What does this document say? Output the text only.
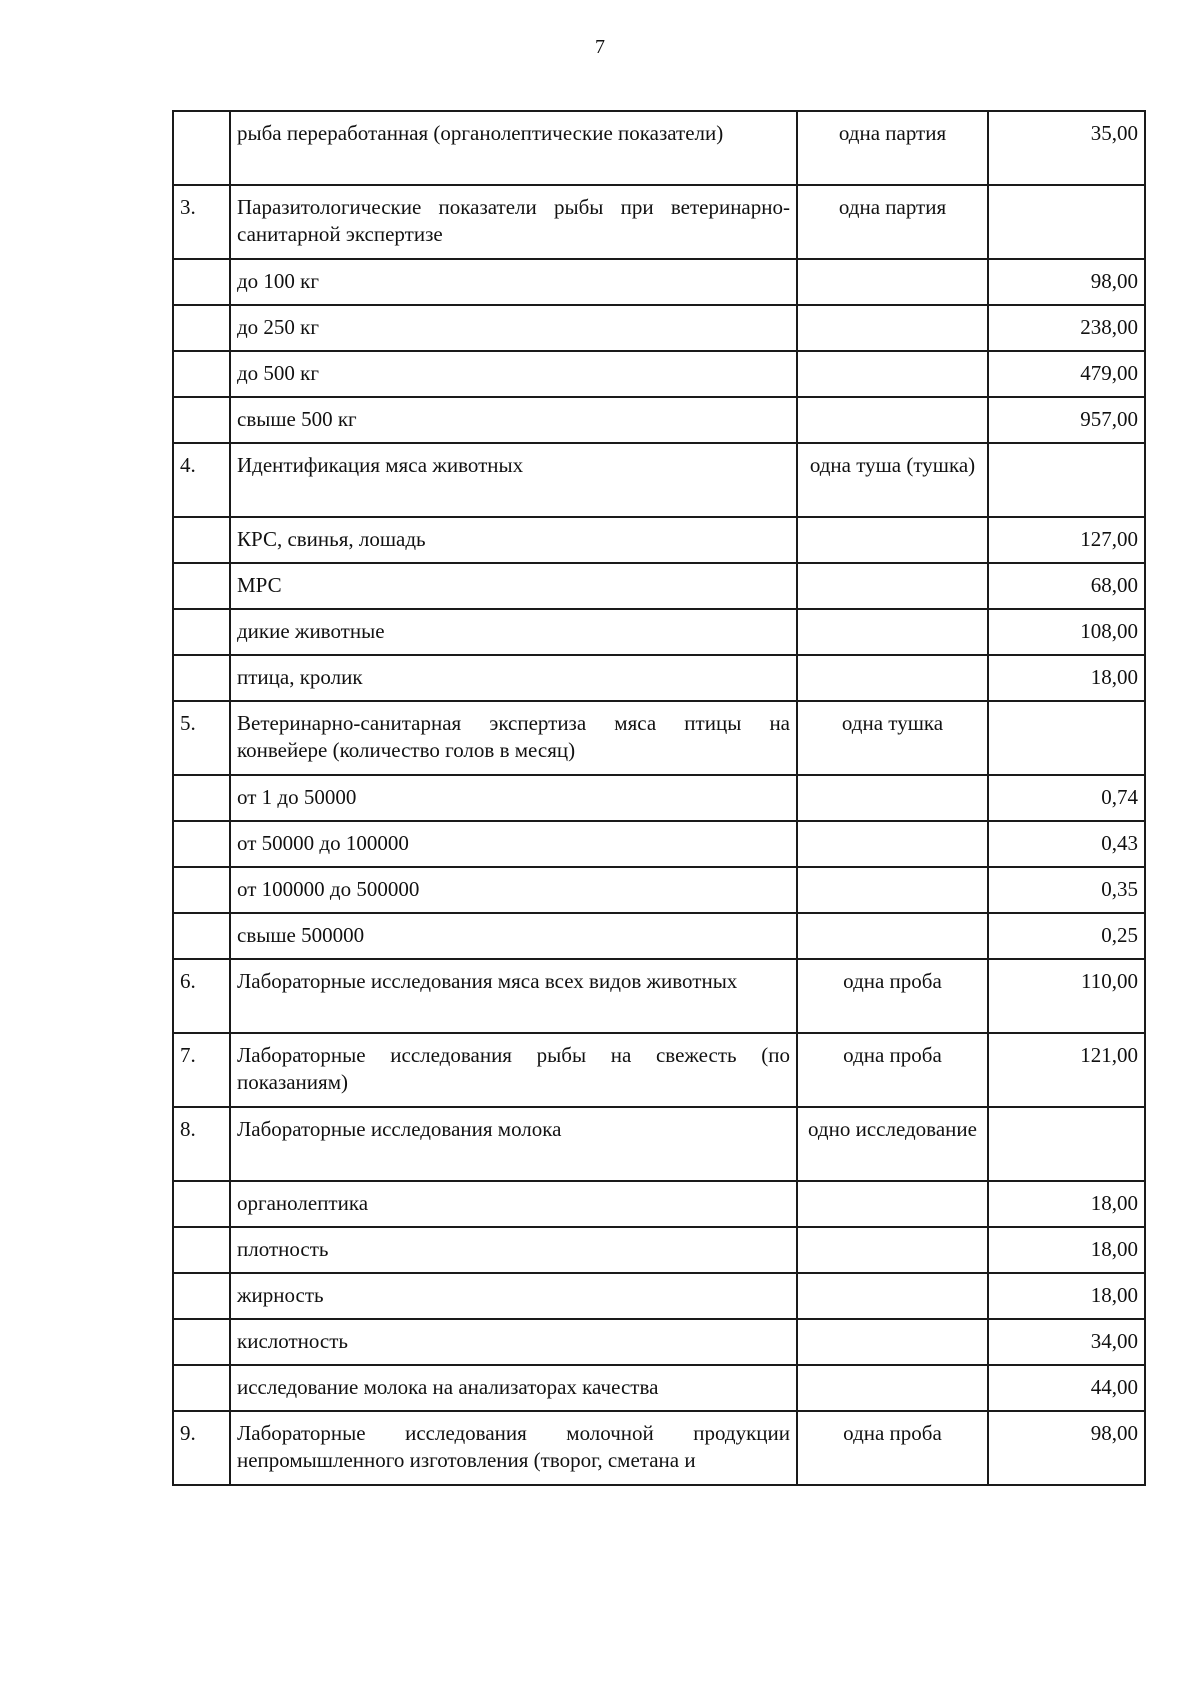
7
	рыба переработанная (органолептические показатели)	одна партия	35,00
3.	Паразитологические показатели рыбы при ветеринарно-санитарной экспертизе	одна партия	
	до 100 кг		98,00
	до 250 кг		238,00
	до 500 кг		479,00
	свыше 500 кг		957,00
4.	Идентификация мяса животных	одна туша (тушка)	
	КРС, свинья, лошадь		127,00
	МРС		68,00
	дикие животные		108,00
	птица, кролик		18,00
5.	Ветеринарно-санитарная экспертиза мяса птицы на конвейере (количество голов в месяц)	одна тушка	
	от 1 до 50000		0,74
	от 50000 до 100000		0,43
	от 100000 до 500000		0,35
	свыше 500000		0,25
6.	Лабораторные исследования мяса всех видов животных	одна проба	110,00
7.	Лабораторные исследования рыбы на свежесть (по показаниям)	одна проба	121,00
8.	Лабораторные исследования молока	одно исследование	
	органолептика		18,00
	плотность		18,00
	жирность		18,00
	кислотность		34,00
	исследование молока на анализаторах качества		44,00
9.	Лабораторные исследования молочной продукции непромышленного изготовления (творог, сметана и	одна проба	98,00
